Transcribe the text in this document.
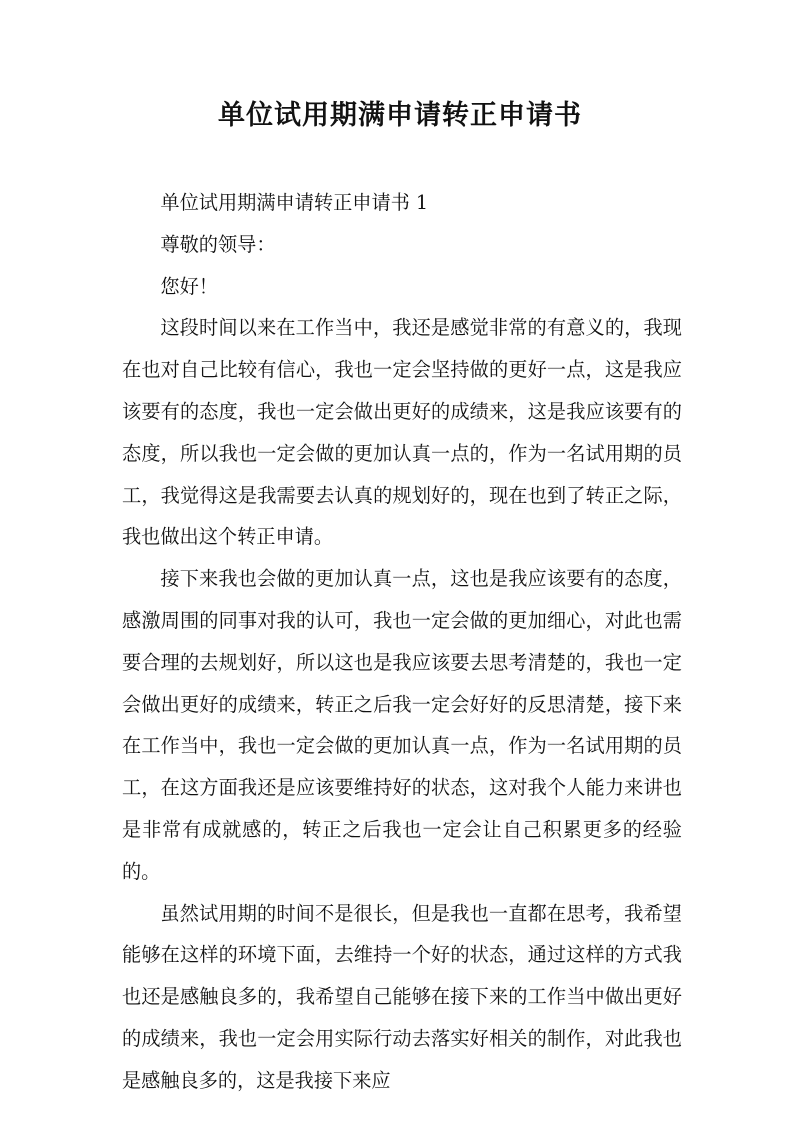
单位试用期满申请转正申请书

单位试用期满申请转正申请书 1

尊敬的领导：

您好！

这段时间以来在工作当中，我还是感觉非常的有意义的，我现在也对自己比较有信心，我也一定会坚持做的更好一点，这是我应该要有的态度，我也一定会做出更好的成绩来，这是我应该要有的态度，所以我也一定会做的更加认真一点的，作为一名试用期的员工，我觉得这是我需要去认真的规划好的，现在也到了转正之际，我也做出这个转正申请。

接下来我也会做的更加认真一点，这也是我应该要有的态度，感激周围的同事对我的认可，我也一定会做的更加细心，对此也需要合理的去规划好，所以这也是我应该要去思考清楚的，我也一定会做出更好的成绩来，转正之后我一定会好好的反思清楚，接下来在工作当中，我也一定会做的更加认真一点，作为一名试用期的员工，在这方面我还是应该要维持好的状态，这对我个人能力来讲也是非常有成就感的，转正之后我也一定会让自己积累更多的经验的。

虽然试用期的时间不是很长，但是我也一直都在思考，我希望能够在这样的环境下面，去维持一个好的状态，通过这样的方式我也还是感触良多的，我希望自己能够在接下来的工作当中做出更好的成绩来，我也一定会用实际行动去落实好相关的制作，对此我也是感触良多的，这是我接下来应
